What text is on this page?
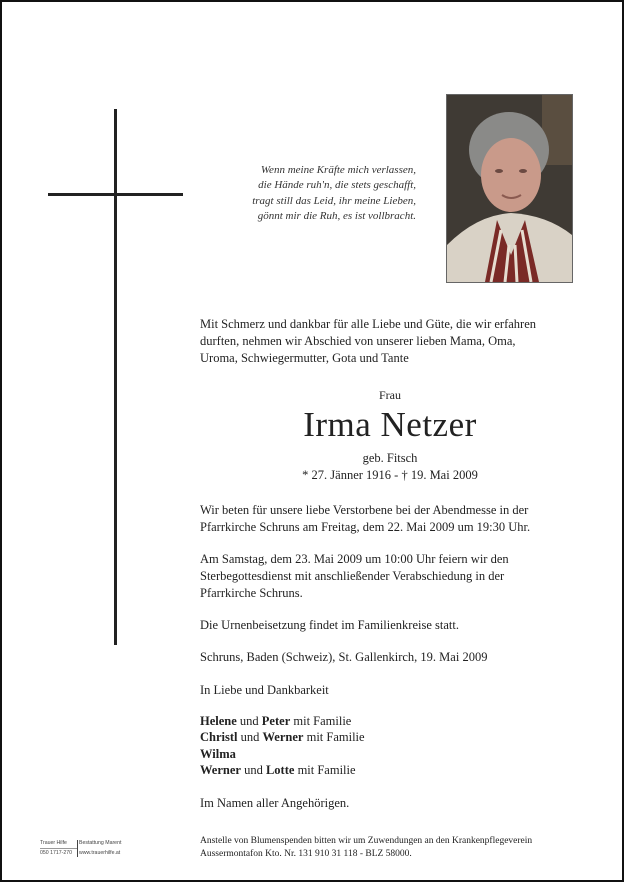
Wenn meine Kräfte mich verlassen,
die Hände ruh'n, die stets geschafft,
tragt still das Leid, ihr meine Lieben,
gönnt mir die Ruh, es ist vollbracht.
Mit Schmerz und dankbar für alle Liebe und Güte, die wir erfahren
durften, nehmen wir Abschied von unserer lieben Mama, Oma,
Uroma, Schwiegermutter, Gota und Tante
Frau
Irma Netzer
geb. Fitsch
* 27. Jänner 1916 - † 19. Mai 2009
Wir beten für unsere liebe Verstorbene bei der Abendmesse in der
Pfarrkirche Schruns am Freitag, dem 22. Mai 2009 um 19:30 Uhr.
Am Samstag, dem 23. Mai 2009 um 10:00 Uhr feiern wir den
Sterbegottesdienst mit anschließender Verabschiedung in der
Pfarrkirche Schruns.
Die Urnenbeisetzung findet im Familienkreise statt.
Schruns, Baden (Schweiz), St. Gallenkirch, 19. Mai 2009
In Liebe und Dankbarkeit
Helene und Peter mit Familie
Christl und Werner mit Familie
Wilma
Werner und Lotte mit Familie
Im Namen aller Angehörigen.
Anstelle von Blumenspenden bitten wir um Zuwendungen an den Krankenpflegeverein
Aussermontafon Kto. Nr. 131 910 31 118 - BLZ 58000.
Trauer Hilfe
050 1717-270
Bestattung Marent
www.trauerhilfe.at
